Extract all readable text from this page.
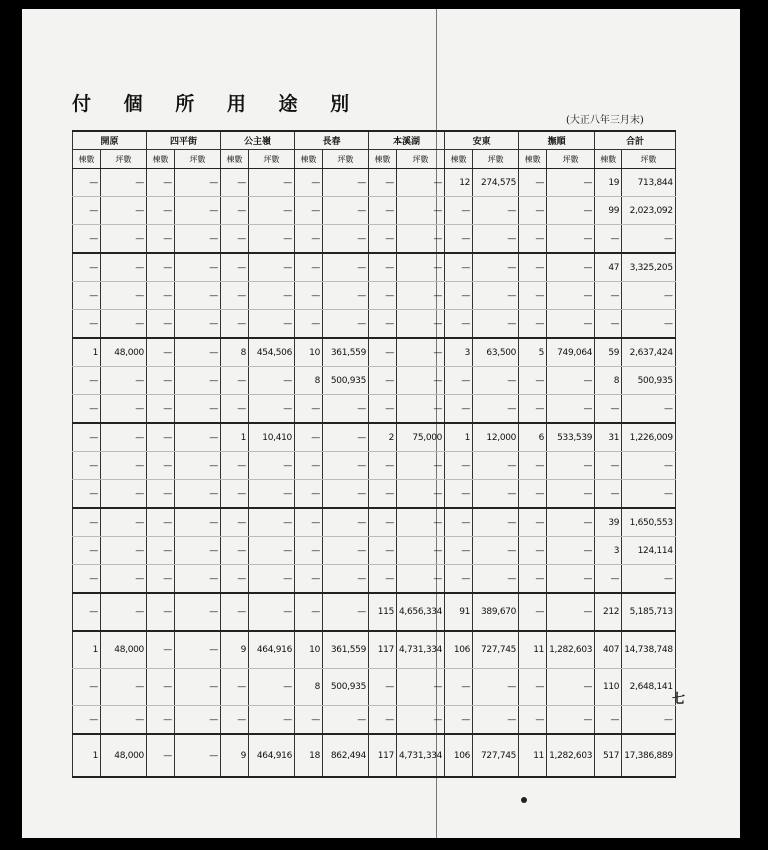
付 個 所 用 途 別
(大正八年三月末)
七
開原		四平街		公主嶺		長春		本溪湖		安東		撫順		合計	
棟數	坪數	棟數	坪數	棟數	坪數	棟數	坪數	棟數	坪數	棟數	坪數	棟數	坪數	棟數	坪數
—	—	—	—	—	—	—	—	—	—	12	274,575	—	—	19	713,844
—	—	—	—	—	—	—	—	—	—	—	—	—	—	99	2,023,092
—	—	—	—	—	—	—	—	—	—	—	—	—	—	—	—
—	—	—	—	—	—	—	—	—	—	—	—	—	—	47	3,325,205
—	—	—	—	—	—	—	—	—	—	—	—	—	—	—	—
—	—	—	—	—	—	—	—	—	—	—	—	—	—	—	—
1	48,000	—	—	8	454,506	10	361,559	—	—	3	63,500	5	749,064	59	2,637,424
—	—	—	—	—	—	8	500,935	—	—	—	—	—	—	8	500,935
—	—	—	—	—	—	—	—	—	—	—	—	—	—	—	—
—	—	—	—	1	10,410	—	—	2	75,000	1	12,000	6	533,539	31	1,226,009
—	—	—	—	—	—	—	—	—	—	—	—	—	—	—	—
—	—	—	—	—	—	—	—	—	—	—	—	—	—	—	—
—	—	—	—	—	—	—	—	—	—	—	—	—	—	39	1,650,553
—	—	—	—	—	—	—	—	—	—	—	—	—	—	3	124,114
—	—	—	—	—	—	—	—	—	—	—	—	—	—	—	—
—	—	—	—	—	—	—	—	115	4,656,334	91	389,670	—	—	212	5,185,713
1	48,000	—	—	9	464,916	10	361,559	117	4,731,334	106	727,745	11	1,282,603	407	14,738,748
—	—	—	—	—	—	8	500,935	—	—	—	—	—	—	110	2,648,141
—	—	—	—	—	—	—	—	—	—	—	—	—	—	—	—
1	48,000	—	—	9	464,916	18	862,494	117	4,731,334	106	727,745	11	1,282,603	517	17,386,889
